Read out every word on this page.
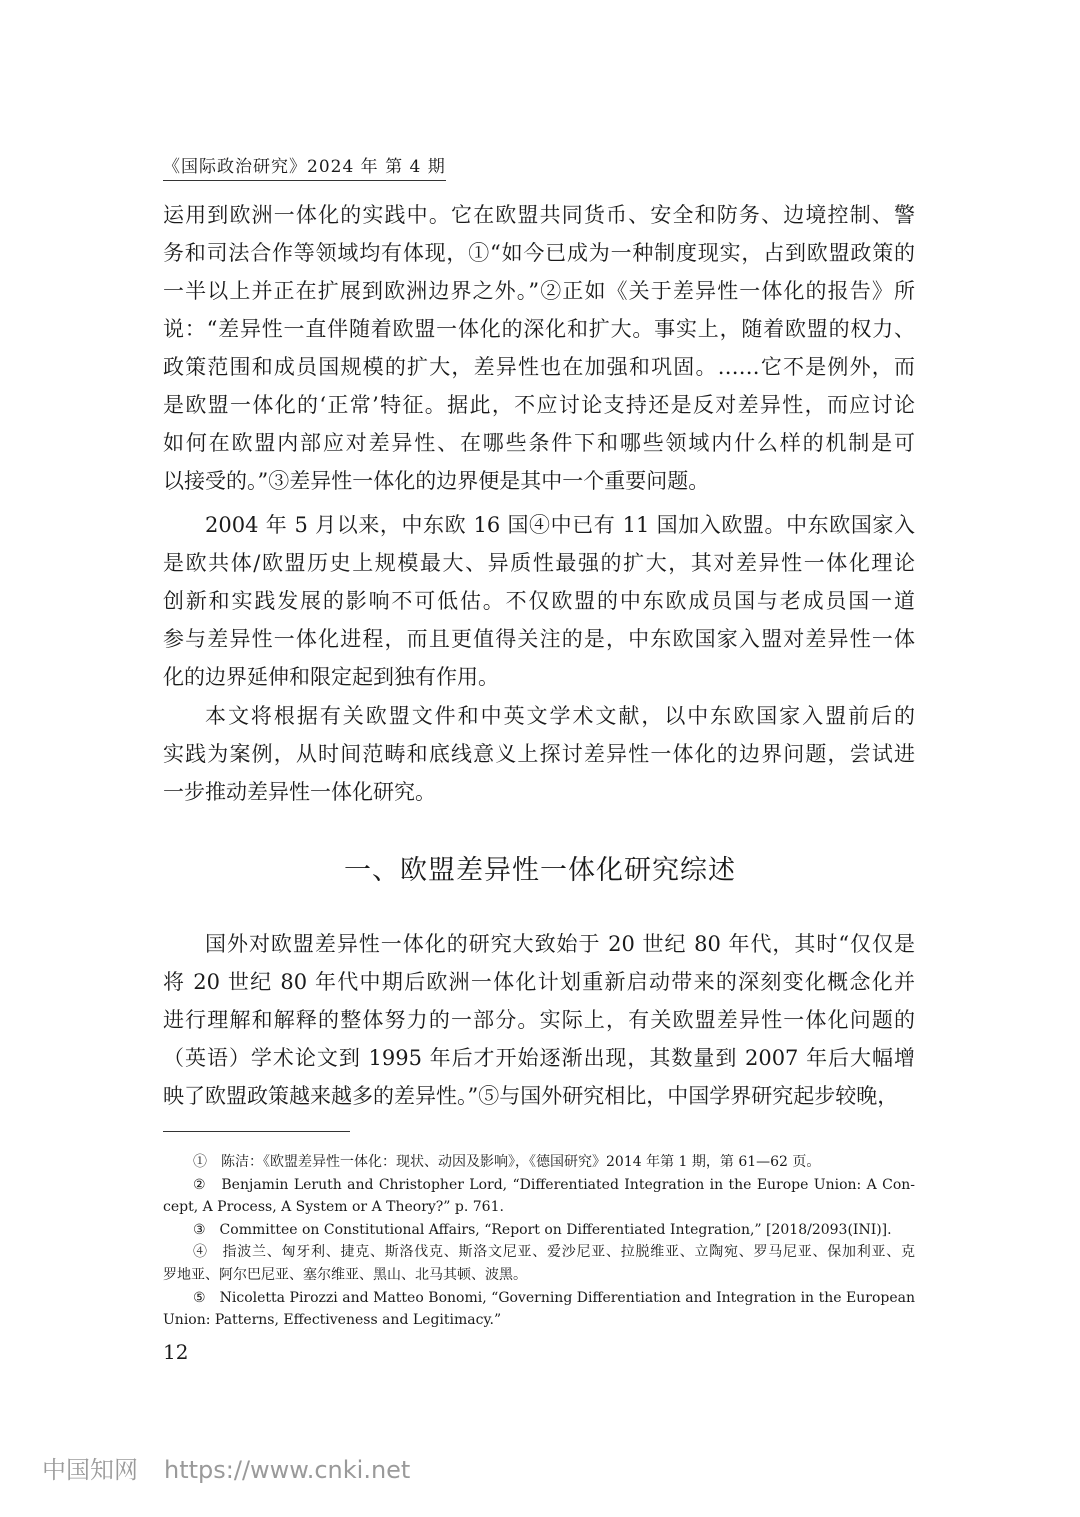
《国际政治研究》2024 年 第 4 期
运用到欧洲一体化的实践中。它在欧盟共同货币、安全和防务、边境控制、警
务和司法合作等领域均有体现，①“如今已成为一种制度现实，占到欧盟政策的
一半以上并正在扩展到欧洲边界之外。”②正如《关于差异性一体化的报告》所
说：“差异性一直伴随着欧盟一体化的深化和扩大。事实上，随着欧盟的权力、
政策范围和成员国规模的扩大，差异性也在加强和巩固。……它不是例外，而
是欧盟一体化的‘正常’特征。据此，不应讨论支持还是反对差异性，而应讨论
如何在欧盟内部应对差异性、在哪些条件下和哪些领域内什么样的机制是可
以接受的。”③差异性一体化的边界便是其中一个重要问题。
2004 年 5 月以来，中东欧 16 国④中已有 11 国加入欧盟。中东欧国家入
是欧共体/欧盟历史上规模最大、异质性最强的扩大，其对差异性一体化理论
创新和实践发展的影响不可低估。不仅欧盟的中东欧成员国与老成员国一道
参与差异性一体化进程，而且更值得关注的是，中东欧国家入盟对差异性一体
化的边界延伸和限定起到独有作用。
本文将根据有关欧盟文件和中英文学术文献，以中东欧国家入盟前后的
实践为案例，从时间范畴和底线意义上探讨差异性一体化的边界问题，尝试进
一步推动差异性一体化研究。
一、欧盟差异性一体化研究综述
国外对欧盟差异性一体化的研究大致始于 20 世纪 80 年代，其时“仅仅是
将 20 世纪 80 年代中期后欧洲一体化计划重新启动带来的深刻变化概念化并
进行理解和解释的整体努力的一部分。实际上，有关欧盟差异性一体化问题的
（英语）学术论文到 1995 年后才开始逐渐出现，其数量到 2007 年后大幅增
映了欧盟政策越来越多的差异性。”⑤与国外研究相比，中国学界研究起步较晚，
①　陈洁：《欧盟差异性一体化：现状、动因及影响》，《德国研究》2014 年第 1 期，第 61—62 页。
②　Benjamin Leruth and Christopher Lord, “Differentiated Integration in the Europe Union: A Con-
cept, A Process, A System or A Theory?” p. 761.
③　Committee on Constitutional Affairs, “Report on Differentiated Integration,” [2018/2093(INI)].
④　指波兰、匈牙利、捷克、斯洛伐克、斯洛文尼亚、爱沙尼亚、拉脱维亚、立陶宛、罗马尼亚、保加利亚、克
罗地亚、阿尔巴尼亚、塞尔维亚、黑山、北马其顿、波黑。
⑤　Nicoletta Pirozzi and Matteo Bonomi, “Governing Differentiation and Integration in the European
Union: Patterns, Effectiveness and Legitimacy.”
12
中国知网 https://www.cnki.net
